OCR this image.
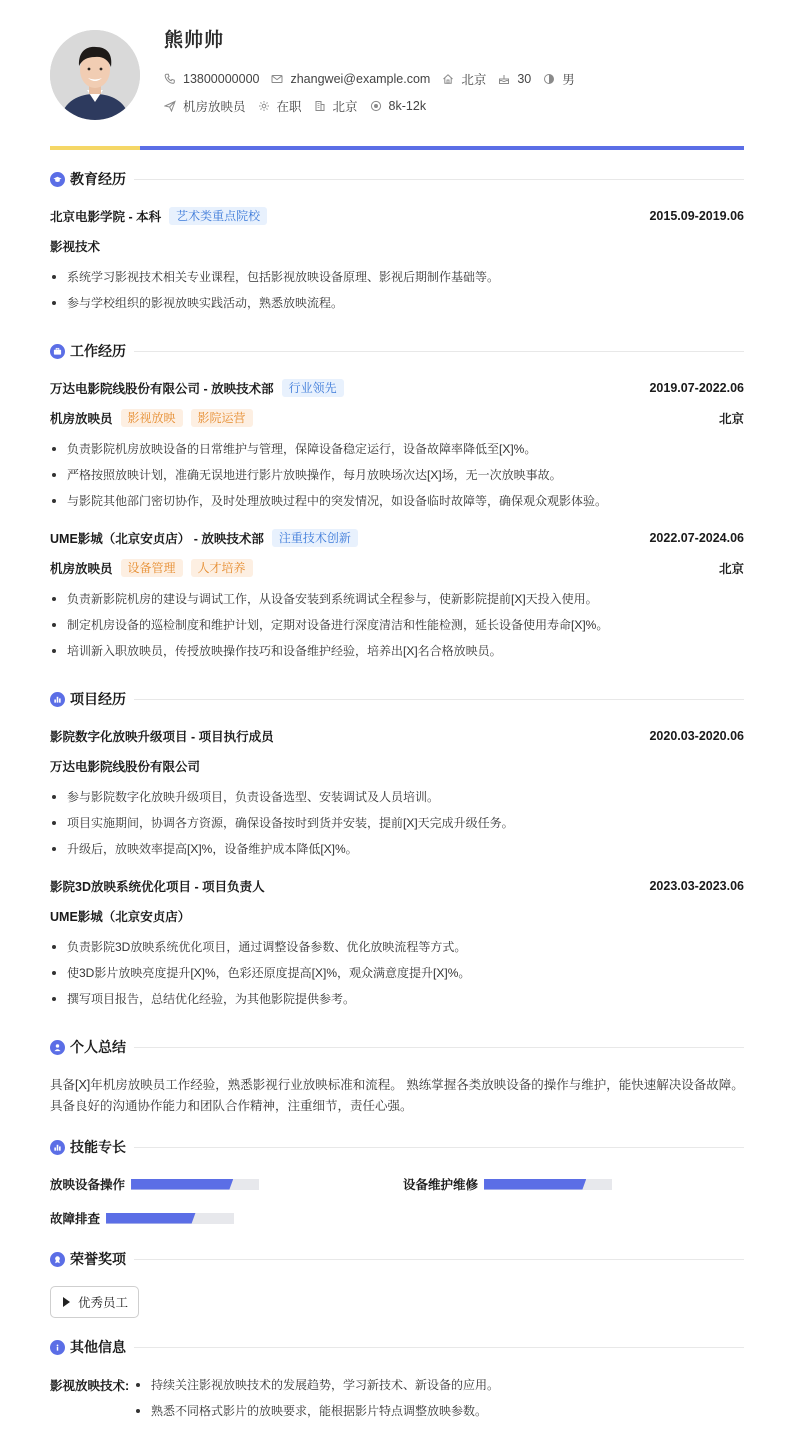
熊帅帅
13800000000 zhangwei@example.com 北京 30 男
机房放映员 在职 北京 8k-12k
教育经历
北京电影学院 - 本科	艺术类重点院校	2015.09-2019.06
影视技术
系统学习影视技术相关专业课程，包括影视放映设备原理、影视后期制作基础等。
参与学校组织的影视放映实践活动，熟悉放映流程。
工作经历
万达电影院线股份有限公司 - 放映技术部	行业领先	2019.07-2022.06
机房放映员	影视放映	影院运营	北京
负责影院机房放映设备的日常维护与管理，保障设备稳定运行，设备故障率降低至[X]%。
严格按照放映计划，准确无误地进行影片放映操作，每月放映场次达[X]场，无一次放映事故。
与影院其他部门密切协作，及时处理放映过程中的突发情况，如设备临时故障等，确保观众观影体验。
UME影城（北京安贞店） - 放映技术部	注重技术创新	2022.07-2024.06
机房放映员	设备管理	人才培养	北京
负责新影院机房的建设与调试工作，从设备安装到系统调试全程参与，使新影院提前[X]天投入使用。
制定机房设备的巡检制度和维护计划，定期对设备进行深度清洁和性能检测，延长设备使用寿命[X]%。
培训新入职放映员，传授放映操作技巧和设备维护经验，培养出[X]名合格放映员。
项目经历
影院数字化放映升级项目 - 项目执行成员	2020.03-2020.06
万达电影院线股份有限公司
参与影院数字化放映升级项目，负责设备选型、安装调试及人员培训。
项目实施期间，协调各方资源，确保设备按时到货并安装，提前[X]天完成升级任务。
升级后，放映效率提高[X]%，设备维护成本降低[X]%。
影院3D放映系统优化项目 - 项目负责人	2023.03-2023.06
UME影城（北京安贞店）
负责影院3D放映系统优化项目，通过调整设备参数、优化放映流程等方式。
使3D影片放映亮度提升[X]%，色彩还原度提高[X]%，观众满意度提升[X]%。
撰写项目报告，总结优化经验，为其他影院提供参考。
个人总结
具备[X]年机房放映员工作经验，熟悉影视行业放映标准和流程。 熟练掌握各类放映设备的操作与维护，能快速解决设备故障。 具备良好的沟通协作能力和团队合作精神，注重细节，责任心强。
技能专长
放映设备操作	设备维护维修
故障排查
荣誉奖项
优秀员工
其他信息
影视放映技术:	持续关注影视放映技术的发展趋势，学习新技术、新设备的应用。
熟悉不同格式影片的放映要求，能根据影片特点调整放映参数。
